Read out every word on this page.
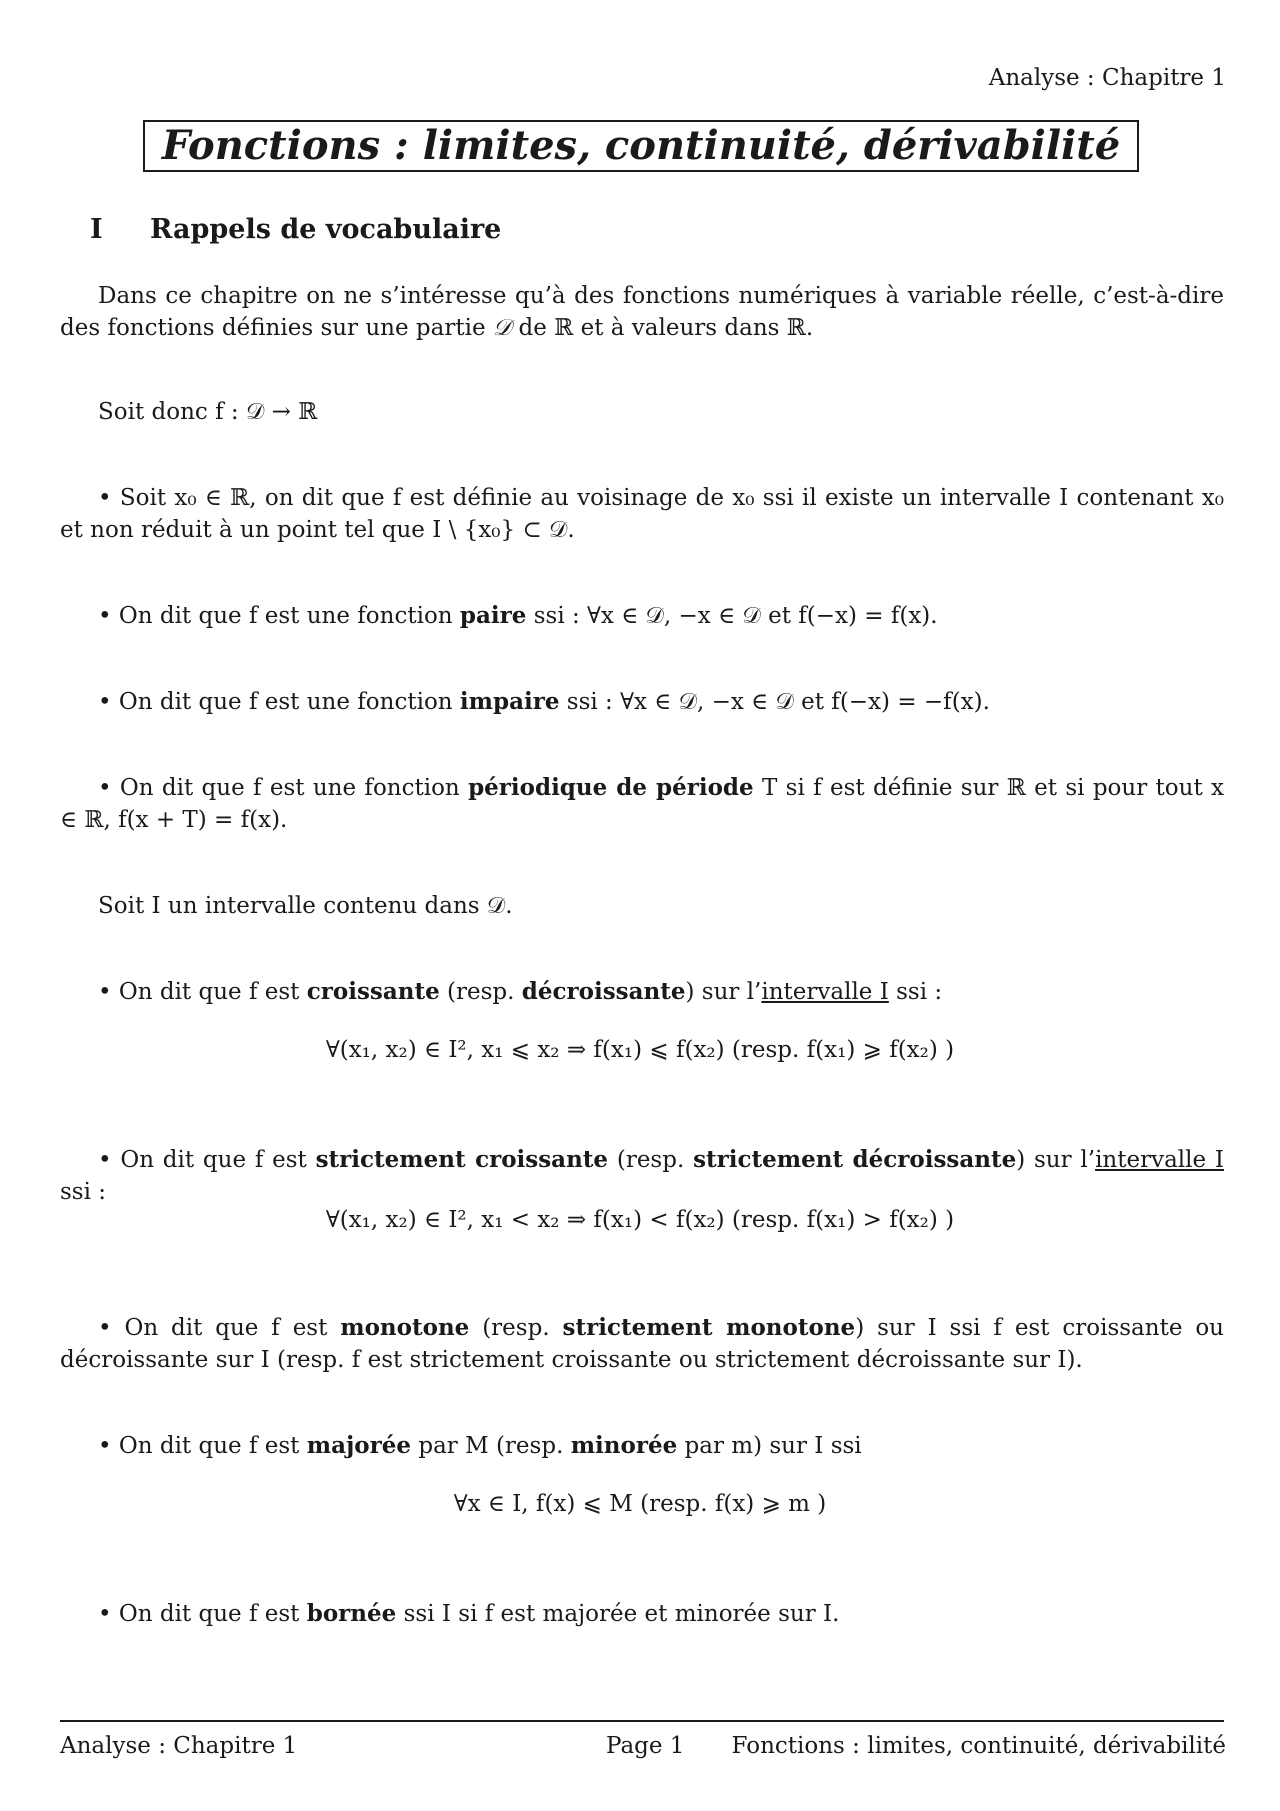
Analyse : Chapitre 1
Fonctions : limites, continuité, dérivabilité
I Rappels de vocabulaire
Dans ce chapitre on ne s’intéresse qu’à des fonctions numériques à variable réelle, c’est-à-dire des fonctions définies sur une partie 𝒟 de ℝ et à valeurs dans ℝ.
Soit donc f : 𝒟 → ℝ
• Soit x₀ ∈ ℝ, on dit que f est définie au voisinage de x₀ ssi il existe un intervalle I contenant x₀ et non réduit à un point tel que I \ {x₀} ⊂ 𝒟.
• On dit que f est une fonction paire ssi : ∀x ∈ 𝒟, −x ∈ 𝒟 et f(−x) = f(x).
• On dit que f est une fonction impaire ssi : ∀x ∈ 𝒟, −x ∈ 𝒟 et f(−x) = −f(x).
• On dit que f est une fonction périodique de période T si f est définie sur ℝ et si pour tout x ∈ ℝ, f(x + T) = f(x).
Soit I un intervalle contenu dans 𝒟.
• On dit que f est croissante (resp. décroissante) sur l’intervalle I ssi :
∀(x₁, x₂) ∈ I², x₁ ⩽ x₂ ⇒ f(x₁) ⩽ f(x₂) (resp. f(x₁) ⩾ f(x₂) )
• On dit que f est strictement croissante (resp. strictement décroissante) sur l’intervalle I ssi :
∀(x₁, x₂) ∈ I², x₁ < x₂ ⇒ f(x₁) < f(x₂) (resp. f(x₁) > f(x₂) )
• On dit que f est monotone (resp. strictement monotone) sur I ssi f est croissante ou décroissante sur I (resp. f est strictement croissante ou strictement décroissante sur I).
• On dit que f est majorée par M (resp. minorée par m) sur I ssi
∀x ∈ I, f(x) ⩽ M (resp. f(x) ⩾ m )
• On dit que f est bornée ssi I si f est majorée et minorée sur I.
Analyse : Chapitre 1	Page 1 Fonctions : limites, continuité, dérivabilité
